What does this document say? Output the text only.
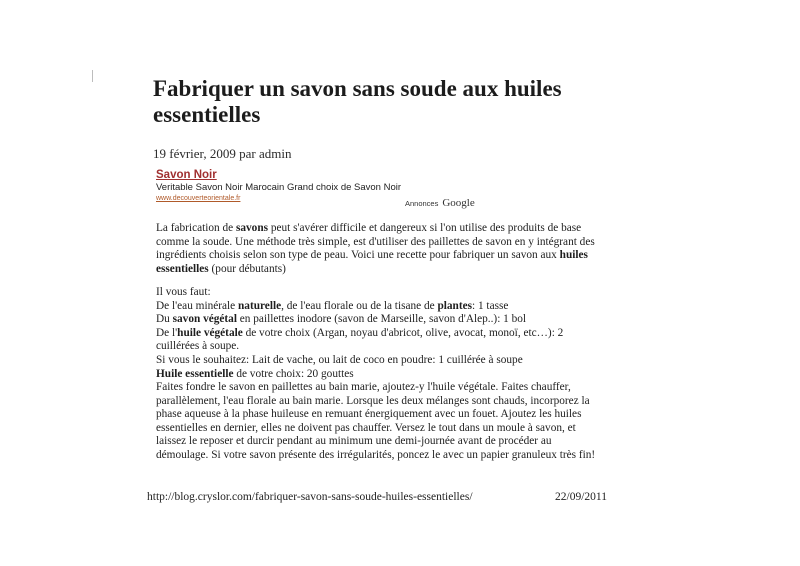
Fabriquer un savon sans soude aux huiles essentielles
19 février, 2009 par admin
Savon Noir
Veritable Savon Noir Marocain Grand choix de Savon Noir
www.decouverteorientale.fr
Annonces Google
La fabrication de savons peut s'avérer difficile et dangereux si l'on utilise des produits de base
comme la soude. Une méthode très simple, est d'utiliser des paillettes de savon en y intégrant des
ingrédients choisis selon son type de peau. Voici une recette pour fabriquer un savon aux huiles
essentielles (pour débutants)
Il vous faut:
De l'eau minérale naturelle, de l'eau florale ou de la tisane de plantes: 1 tasse
Du savon végétal en paillettes inodore (savon de Marseille, savon d'Alep..): 1 bol
De l'huile végétale de votre choix (Argan, noyau d'abricot, olive, avocat, monoï, etc…): 2
cuillérées à soupe.
Si vous le souhaitez: Lait de vache, ou lait de coco en poudre: 1 cuillérée à soupe
Huile essentielle de votre choix: 20 gouttes
Faites fondre le savon en paillettes au bain marie, ajoutez-y l'huile végétale. Faites chauffer,
parallèlement, l'eau florale au bain marie. Lorsque les deux mélanges sont chauds, incorporez la
phase aqueuse à la phase huileuse en remuant énergiquement avec un fouet. Ajoutez les huiles
essentielles en dernier, elles ne doivent pas chauffer. Versez le tout dans un moule à savon, et
laissez le reposer et durcir pendant au minimum une demi-journée avant de procéder au
démoulage. Si votre savon présente des irrégularités, poncez le avec un papier granuleux très fin!
http://blog.cryslor.com/fabriquer-savon-sans-soude-huiles-essentielles/	22/09/2011
